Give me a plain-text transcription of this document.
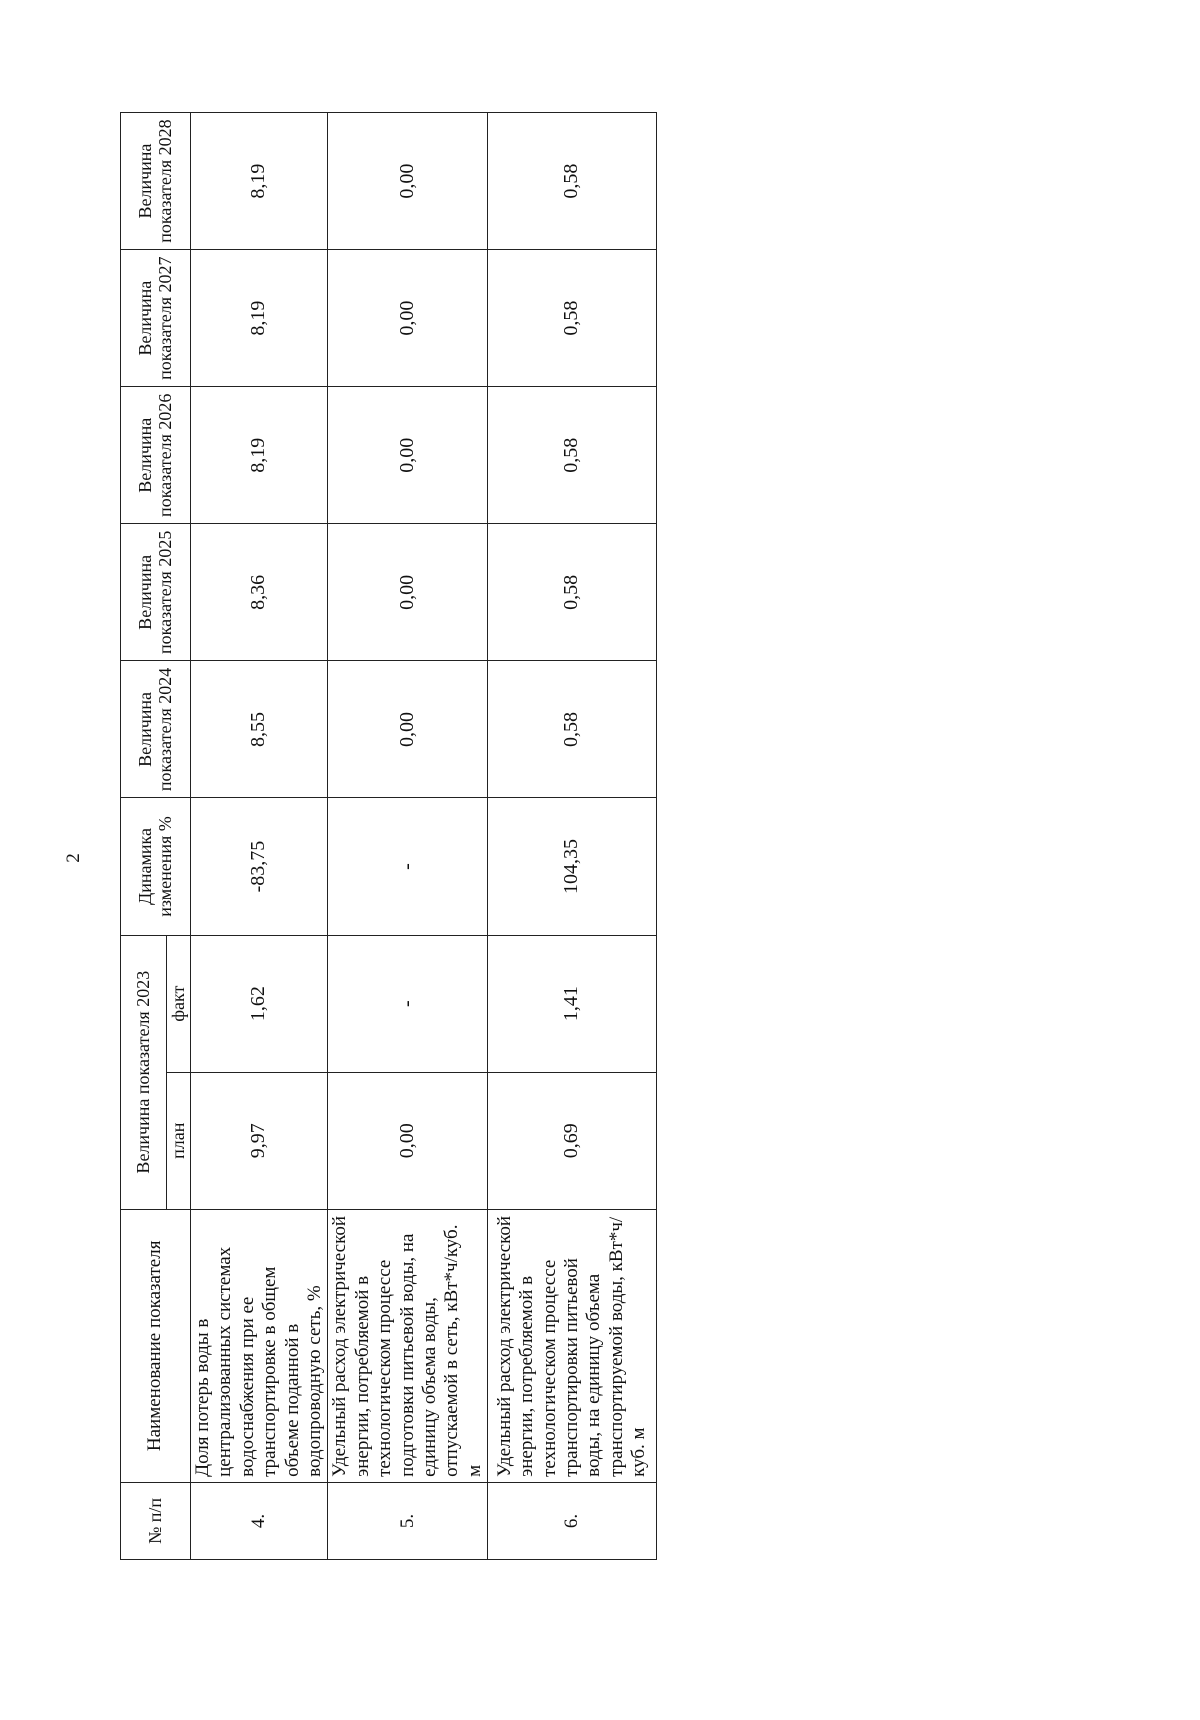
2
№ п/п	Наименование показателя	Величина показателя 2023		Динамика изменения %	Величина показателя 2024	Величина показателя 2025	Величина показателя 2026	Величина показателя 2027	Величина показателя 2028
		план	факт						
4.	Доля потерь воды в централизованных системах водоснабжения при ее транспортировке в общем объеме поданной в водопроводную сеть, %	9,97	1,62	-83,75	8,55	8,36	8,19	8,19	8,19
5.	Удельный расход электрической энергии, потребляемой в технологическом процессе подготовки питьевой воды, на единицу объема воды, отпускаемой в сеть, кВт*ч/куб. м	0,00	-	-	0,00	0,00	0,00	0,00	0,00
6.	Удельный расход электрической энергии, потребляемой в технологическом процессе транспортировки питьевой воды, на единицу объема транспортируемой воды, кВт*ч/куб. м	0,69	1,41	104,35	0,58	0,58	0,58	0,58	0,58
